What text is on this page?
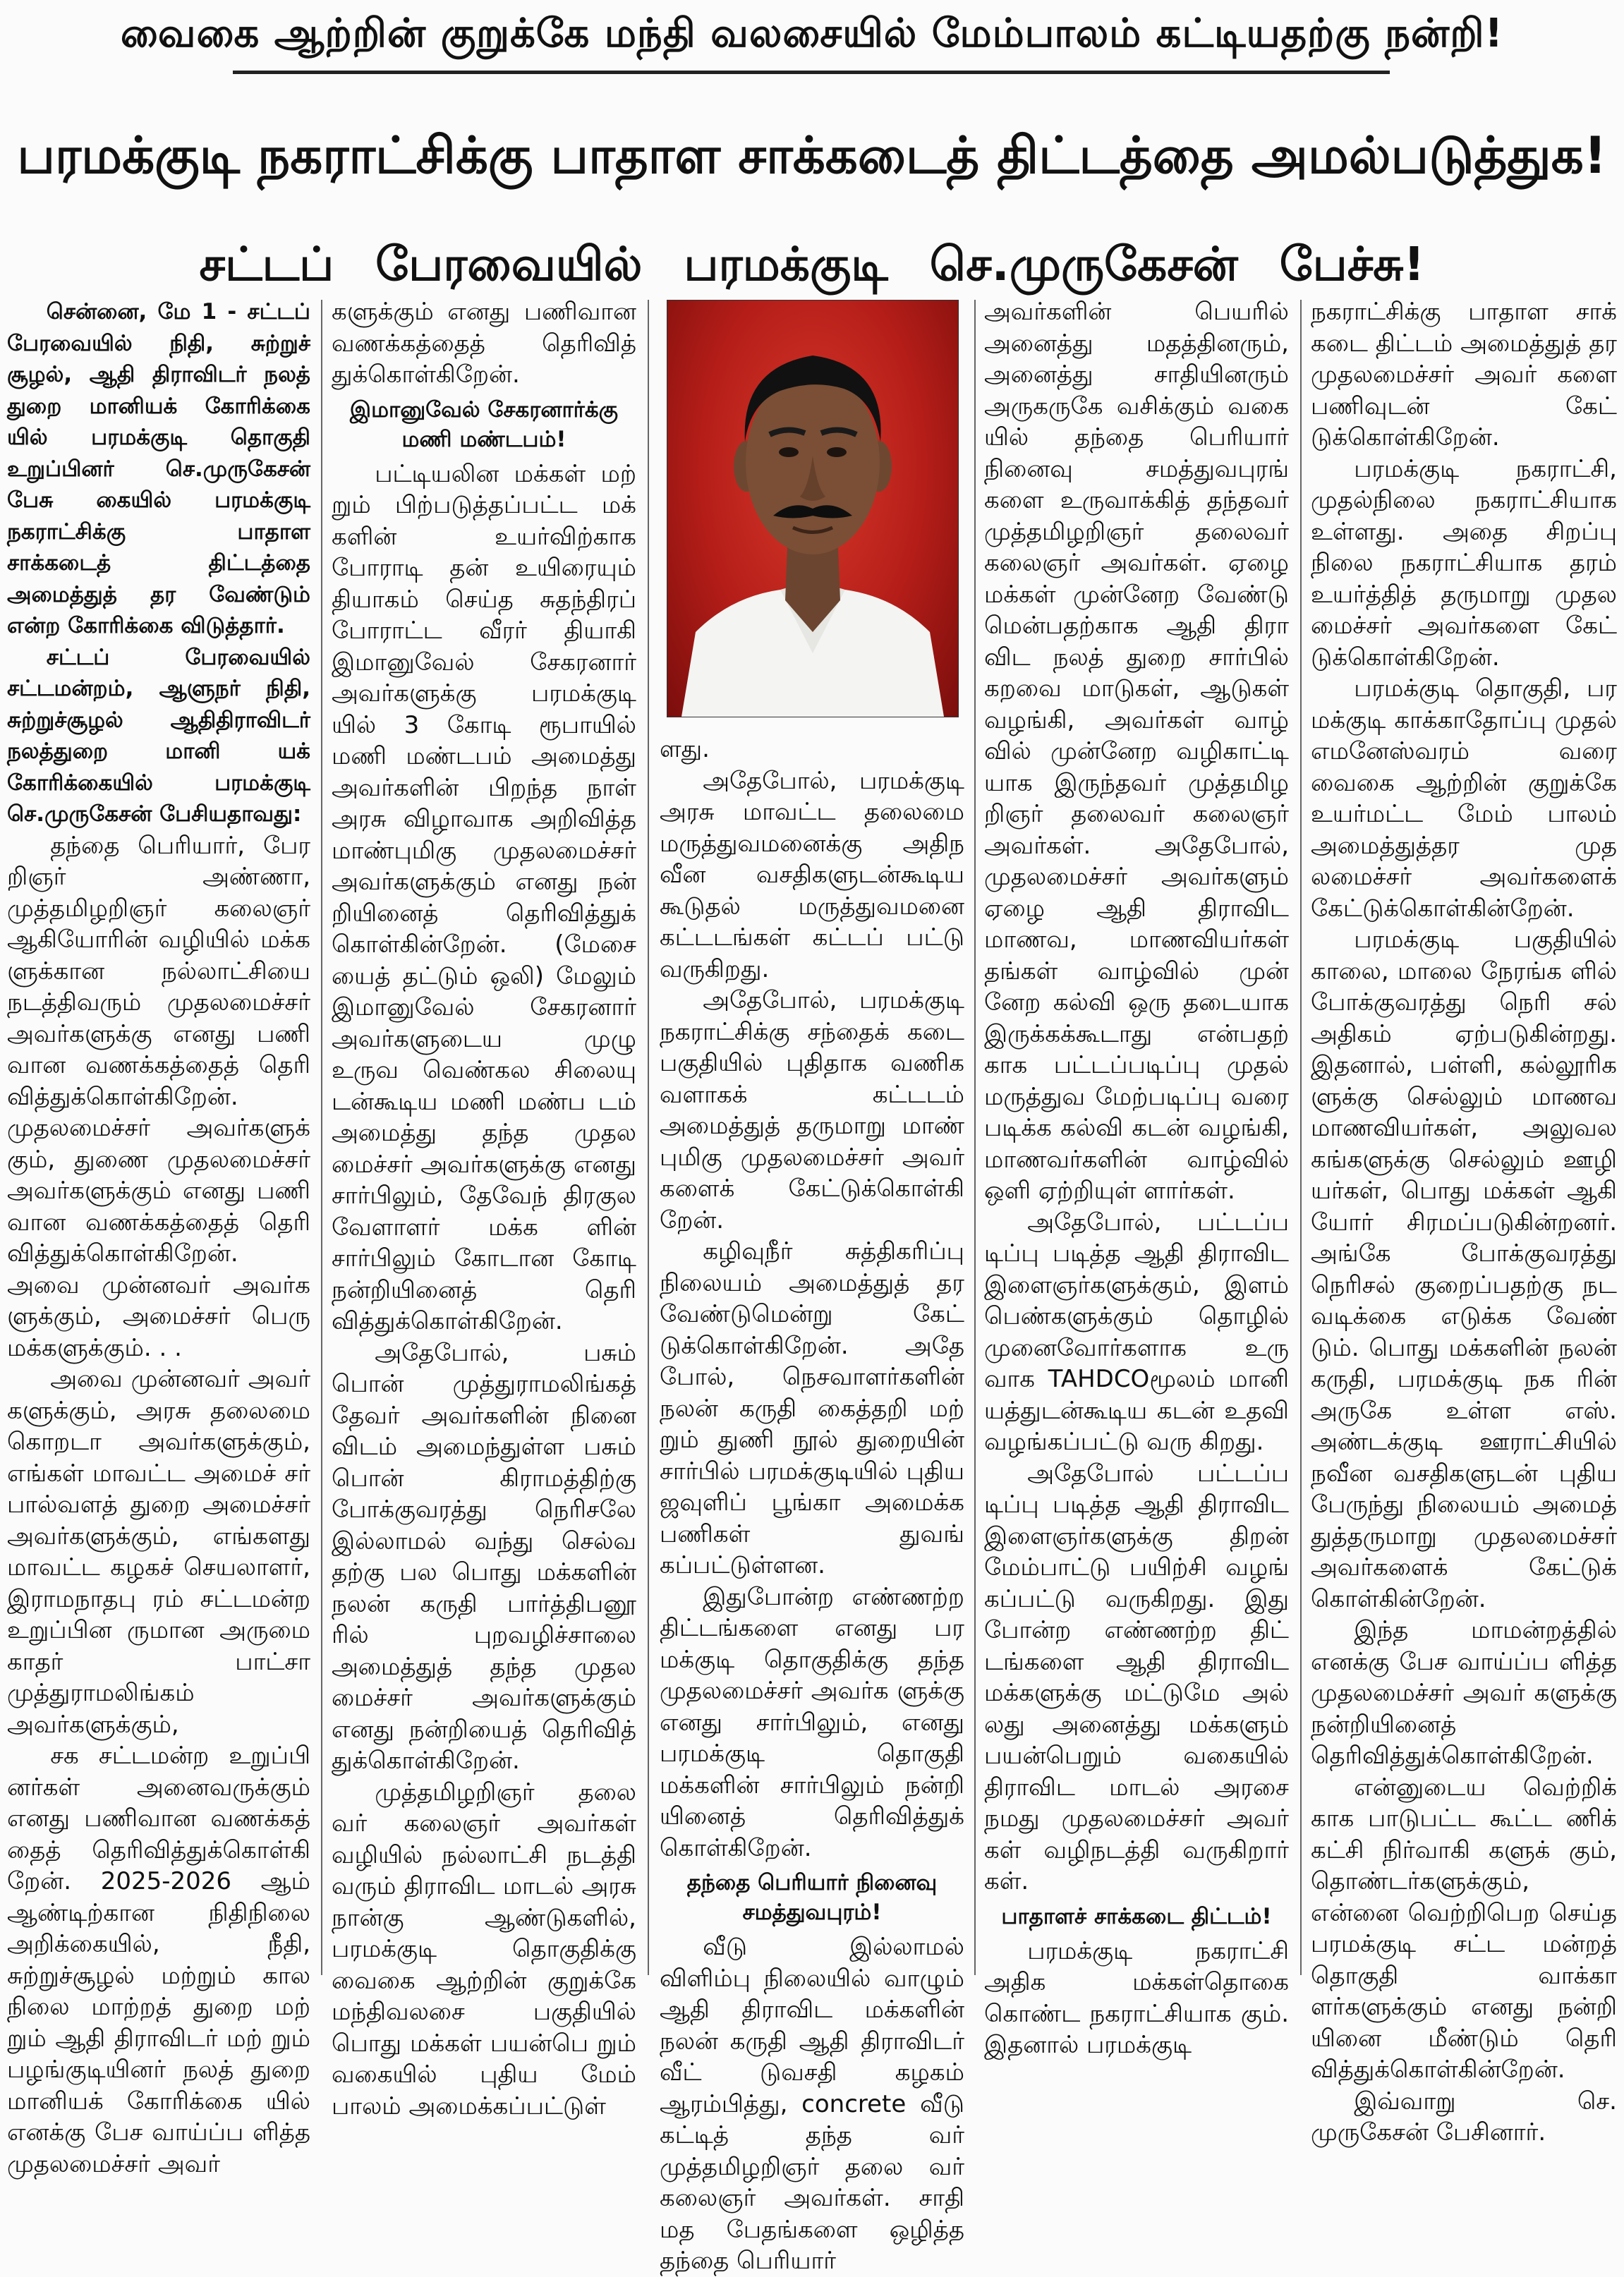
வைகை ஆற்றின் குறுக்கே மந்தி வலசையில் மேம்பாலம் கட்டியதற்கு நன்றி!
பரமக்குடி நகராட்சிக்கு பாதாள சாக்கடைத் திட்டத்தை அமல்படுத்துக!
சட்டப் பேரவையில் பரமக்குடி செ.முருகேசன் பேச்சு!

சென்னை, மே 1 - சட்டப் பேரவையில் நிதி, சுற்றுச் சூழல், ஆதி திராவிடர் நலத் துறை மானியக் கோரிக்கை யில் பரமக்குடி தொகுதி உறுப்பினர் செ.முருகேசன் பேசு கையில் பரமக்குடி நகராட்சிக்கு பாதாள சாக்கடைத் திட்டத்தை அமைத்துத் தர வேண்டும் என்ற கோரிக்கை விடுத்தார்.

சட்டப் பேரவையில் சட்டமன்றம், ஆளுநர் நிதி, சுற்றுச்சூழல் ஆதிதிராவிடர் நலத்துறை மானி யக் கோரிக்கையில் பரமக்குடி செ.முருகேசன் பேசியதாவது:

தந்தை பெரியார், பேர றிஞர் அண்ணா, முத்தமிழறிஞர் கலைஞர் ஆகியோரின் வழியில் மக்க ளுக்கான நல்லாட்சியை நடத்திவரும் முதலமைச்சர் அவர்களுக்கு எனது பணி வான வணக்கத்தைத் தெரி வித்துக்கொள்கிறேன். முதலமைச்சர் அவர்களுக் கும், துணை முதலமைச்சர் அவர்களுக்கும் எனது பணி வான வணக்கத்தைத் தெரி வித்துக்கொள்கிறேன். அவை முன்னவர் அவர்க ளுக்கும், அமைச்சர் பெரு மக்களுக்கும். . .

அவை முன்னவர் அவர் களுக்கும், அரசு தலைமை கொறடா அவர்களுக்கும், எங்கள் மாவட்ட அமைச் சர் பால்வளத் துறை அமைச்சர் அவர்களுக்கும், எங்களது மாவட்ட கழகச் செயலாளர், இராமநாதபு ரம் சட்டமன்ற உறுப்பின ருமான அருமை காதர் பாட்சா முத்துராமலிங்கம் அவர்களுக்கும்,

சக சட்டமன்ற உறுப்பி னர்கள் அனைவருக்கும் எனது பணிவான வணக்கத் தைத் தெரிவித்துக்கொள்கி றேன். 2025-2026 ஆம் ஆண்டிற்கான நிதிநிலை அறிக்கையில், நீதி, சுற்றுச்சூழல் மற்றும் கால நிலை மாற்றத் துறை மற் றும் ஆதி திராவிடர் மற் றும் பழங்குடியினர் நலத் துறை மானியக் கோரிக்கை யில் எனக்கு பேச வாய்ப்ப ளித்த முதலமைச்சர் அவர்

களுக்கும் எனது பணிவான வணக்கத்தைத் தெரிவித் துக்கொள்கிறேன்.

இமானுவேல் சேகரனார்க்கு மணி மண்டபம்!

பட்டியலின மக்கள் மற் றும் பிற்படுத்தப்பட்ட மக் களின் உயர்விற்காக போராடி தன் உயிரையும் தியாகம் செய்த சுதந்திரப் போராட்ட வீரர் தியாகி இமானுவேல் சேகரனார் அவர்களுக்கு பரமக்குடி யில் 3 கோடி ரூபாயில் மணி மண்டபம் அமைத்து அவர்களின் பிறந்த நாள் அரசு விழாவாக அறிவித்த மாண்புமிகு முதலமைச்சர் அவர்களுக்கும் எனது நன் றியினைத் தெரிவித்துக் கொள்கின்றேன். (மேசை யைத் தட்டும் ஒலி) மேலும் இமானுவேல் சேகரனார் அவர்களுடைய முழு உருவ வெண்கல சிலையு டன்கூடிய மணி மண்ப டம் அமைத்து தந்த முதல மைச்சர் அவர்களுக்கு எனது சார்பிலும், தேவேந் திரகுல வேளாளர் மக்க ளின் சார்பிலும் கோடான கோடி நன்றியினைத் தெரி வித்துக்கொள்கிறேன்.

அதேபோல், பசும் பொன் முத்துராமலிங்கத் தேவர் அவர்களின் நினை விடம் அமைந்துள்ள பசும் பொன் கிராமத்திற்கு போக்குவரத்து நெரிசலே இல்லாமல் வந்து செல்வ தற்கு பல பொது மக்களின் நலன் கருதி பார்த்திபனூ ரில் புறவழிச்சாலை அமைத்துத் தந்த முதல மைச்சர் அவர்களுக்கும் எனது நன்றியைத் தெரிவித் துக்கொள்கிறேன்.

முத்தமிழறிஞர் தலை வர் கலைஞர் அவர்கள் வழியில் நல்லாட்சி நடத்தி வரும் திராவிட மாடல் அரசு நான்கு ஆண்டுகளில், பரமக்குடி தொகுதிக்கு வைகை ஆற்றின் குறுக்கே மந்திவலசை பகுதியில் பொது மக்கள் பயன்பெ றும் வகையில் புதிய மேம் பாலம் அமைக்கப்பட்டுள்

ளது.

அதேபோல், பரமக்குடி அரசு மாவட்ட தலைமை மருத்துவமனைக்கு அதிந வீன வசதிகளுடன்கூடிய கூடுதல் மருத்துவமனை கட்டடங்கள் கட்டப் பட்டு வருகிறது.

அதேபோல், பரமக்குடி நகராட்சிக்கு சந்தைக் கடை பகுதியில் புதிதாக வணிக வளாகக் கட்டடம் அமைத்துத் தருமாறு மாண் புமிகு முதலமைச்சர் அவர் களைக் கேட்டுக்கொள்கி றேன்.

கழிவுநீர் சுத்திகரிப்பு நிலையம் அமைத்துத் தர வேண்டுமென்று கேட் டுக்கொள்கிறேன். அதே போல், நெசவாளர்களின் நலன் கருதி கைத்தறி மற் றும் துணி நூல் துறையின் சார்பில் பரமக்குடியில் புதிய ஜவுளிப் பூங்கா அமைக்க பணிகள் துவங் கப்பட்டுள்ளன.

இதுபோன்ற எண்ணற்ற திட்டங்களை எனது பர மக்குடி தொகுதிக்கு தந்த முதலமைச்சர் அவர்க ளுக்கு எனது சார்பிலும், எனது பரமக்குடி தொகுதி மக்களின் சார்பிலும் நன்றி யினைத் தெரிவித்துக் கொள்கிறேன்.

தந்தை பெரியார் நினைவு சமத்துவபுரம்!

வீடு இல்லாமல் விளிம்பு நிலையில் வாழும் ஆதி திராவிட மக்களின் நலன் கருதி ஆதி திராவிடர் வீட் டுவசதி கழகம் ஆரம்பித்து, concrete வீடு கட்டித் தந்த வர் முத்தமிழறிஞர் தலை வர் கலைஞர் அவர்கள். சாதி மத பேதங்களை ஒழித்த தந்தை பெரியார்

அவர்களின் பெயரில் அனைத்து மதத்தினரும், அனைத்து சாதியினரும் அருகருகே வசிக்கும் வகை யில் தந்தை பெரியார் நினைவு சமத்துவபுரங் களை உருவாக்கித் தந்தவர் முத்தமிழறிஞர் தலைவர் கலைஞர் அவர்கள். ஏழை மக்கள் முன்னேற வேண்டு மென்பதற்காக ஆதி திரா விட நலத் துறை சார்பில் கறவை மாடுகள், ஆடுகள் வழங்கி, அவர்கள் வாழ் வில் முன்னேற வழிகாட்டி யாக இருந்தவர் முத்தமிழ றிஞர் தலைவர் கலைஞர் அவர்கள். அதேபோல், முதலமைச்சர் அவர்களும் ஏழை ஆதி திராவிட மாணவ, மாணவியர்கள் தங்கள் வாழ்வில் முன் னேற கல்வி ஒரு தடையாக இருக்கக்கூடாது என்பதற் காக பட்டப்படிப்பு முதல் மருத்துவ மேற்படிப்பு வரை படிக்க கல்வி கடன் வழங்கி, மாணவர்களின் வாழ்வில் ஒளி ஏற்றியுள் ளார்கள்.

அதேபோல், பட்டப்ப டிப்பு படித்த ஆதி திராவிட இளைஞர்களுக்கும், இளம் பெண்களுக்கும் தொழில் முனைவோர்களாக உரு வாக TAHDCOமூலம் மானி யத்துடன்கூடிய கடன் உதவி வழங்கப்பட்டு வரு கிறது.

அதேபோல் பட்டப்ப டிப்பு படித்த ஆதி திராவிட இளைஞர்களுக்கு திறன் மேம்பாட்டு பயிற்சி வழங் கப்பட்டு வருகிறது. இது போன்ற எண்ணற்ற திட் டங்களை ஆதி திராவிட மக்களுக்கு மட்டுமே அல் லது அனைத்து மக்களும் பயன்பெறும் வகையில் திராவிட மாடல் அரசை நமது முதலமைச்சர் அவர் கள் வழிநடத்தி வருகிறார் கள்.

பாதாளச் சாக்கடை திட்டம்!

பரமக்குடி நகராட்சி அதிக மக்கள்தொகை கொண்ட நகராட்சியாக கும். இதனால் பரமக்குடி

நகராட்சிக்கு பாதாள சாக் கடை திட்டம் அமைத்துத் தர முதலமைச்சர் அவர் களை பணிவுடன் கேட் டுக்கொள்கிறேன்.

பரமக்குடி நகராட்சி, முதல்நிலை நகராட்சியாக உள்ளது. அதை சிறப்பு நிலை நகராட்சியாக தரம் உயர்த்தித் தருமாறு முதல மைச்சர் அவர்களை கேட் டுக்கொள்கிறேன்.

பரமக்குடி தொகுதி, பர மக்குடி காக்காதோப்பு முதல் எமனேஸ்வரம் வரை வைகை ஆற்றின் குறுக்கே உயர்மட்ட மேம் பாலம் அமைத்துத்தர முத லமைச்சர் அவர்களைக் கேட்டுக்கொள்கின்றேன்.

பரமக்குடி பகுதியில் காலை, மாலை நேரங்க ளில் போக்குவரத்து நெரி சல் அதிகம் ஏற்படுகின்றது. இதனால், பள்ளி, கல்லூரிக ளுக்கு செல்லும் மாணவ மாணவியர்கள், அலுவல கங்களுக்கு செல்லும் ஊழி யர்கள், பொது மக்கள் ஆகி யோர் சிரமப்படுகின்றனர். அங்கே போக்குவரத்து நெரிசல் குறைப்பதற்கு நட வடிக்கை எடுக்க வேண் டும். பொது மக்களின் நலன் கருதி, பரமக்குடி நக ரின் அருகே உள்ள எஸ். அண்டக்குடி ஊராட்சியில் நவீன வசதிகளுடன் புதிய பேருந்து நிலையம் அமைத் துத்தருமாறு முதலமைச்சர் அவர்களைக் கேட்டுக் கொள்கின்றேன்.

இந்த மாமன்றத்தில் எனக்கு பேச வாய்ப்ப ளித்த முதலமைச்சர் அவர் களுக்கு நன்றியினைத் தெரிவித்துக்கொள்கிறேன்.

என்னுடைய வெற்றிக் காக பாடுபட்ட கூட்ட ணிக் கட்சி நிர்வாகி களுக் கும், தொண்டர்களுக்கும், என்னை வெற்றிபெற செய்த பரமக்குடி சட்ட மன்றத் தொகுதி வாக்கா ளர்களுக்கும் எனது நன்றி யினை மீண்டும் தெரி வித்துக்கொள்கின்றேன்.

இவ்வாறு செ. முருகேசன் பேசினார்.
